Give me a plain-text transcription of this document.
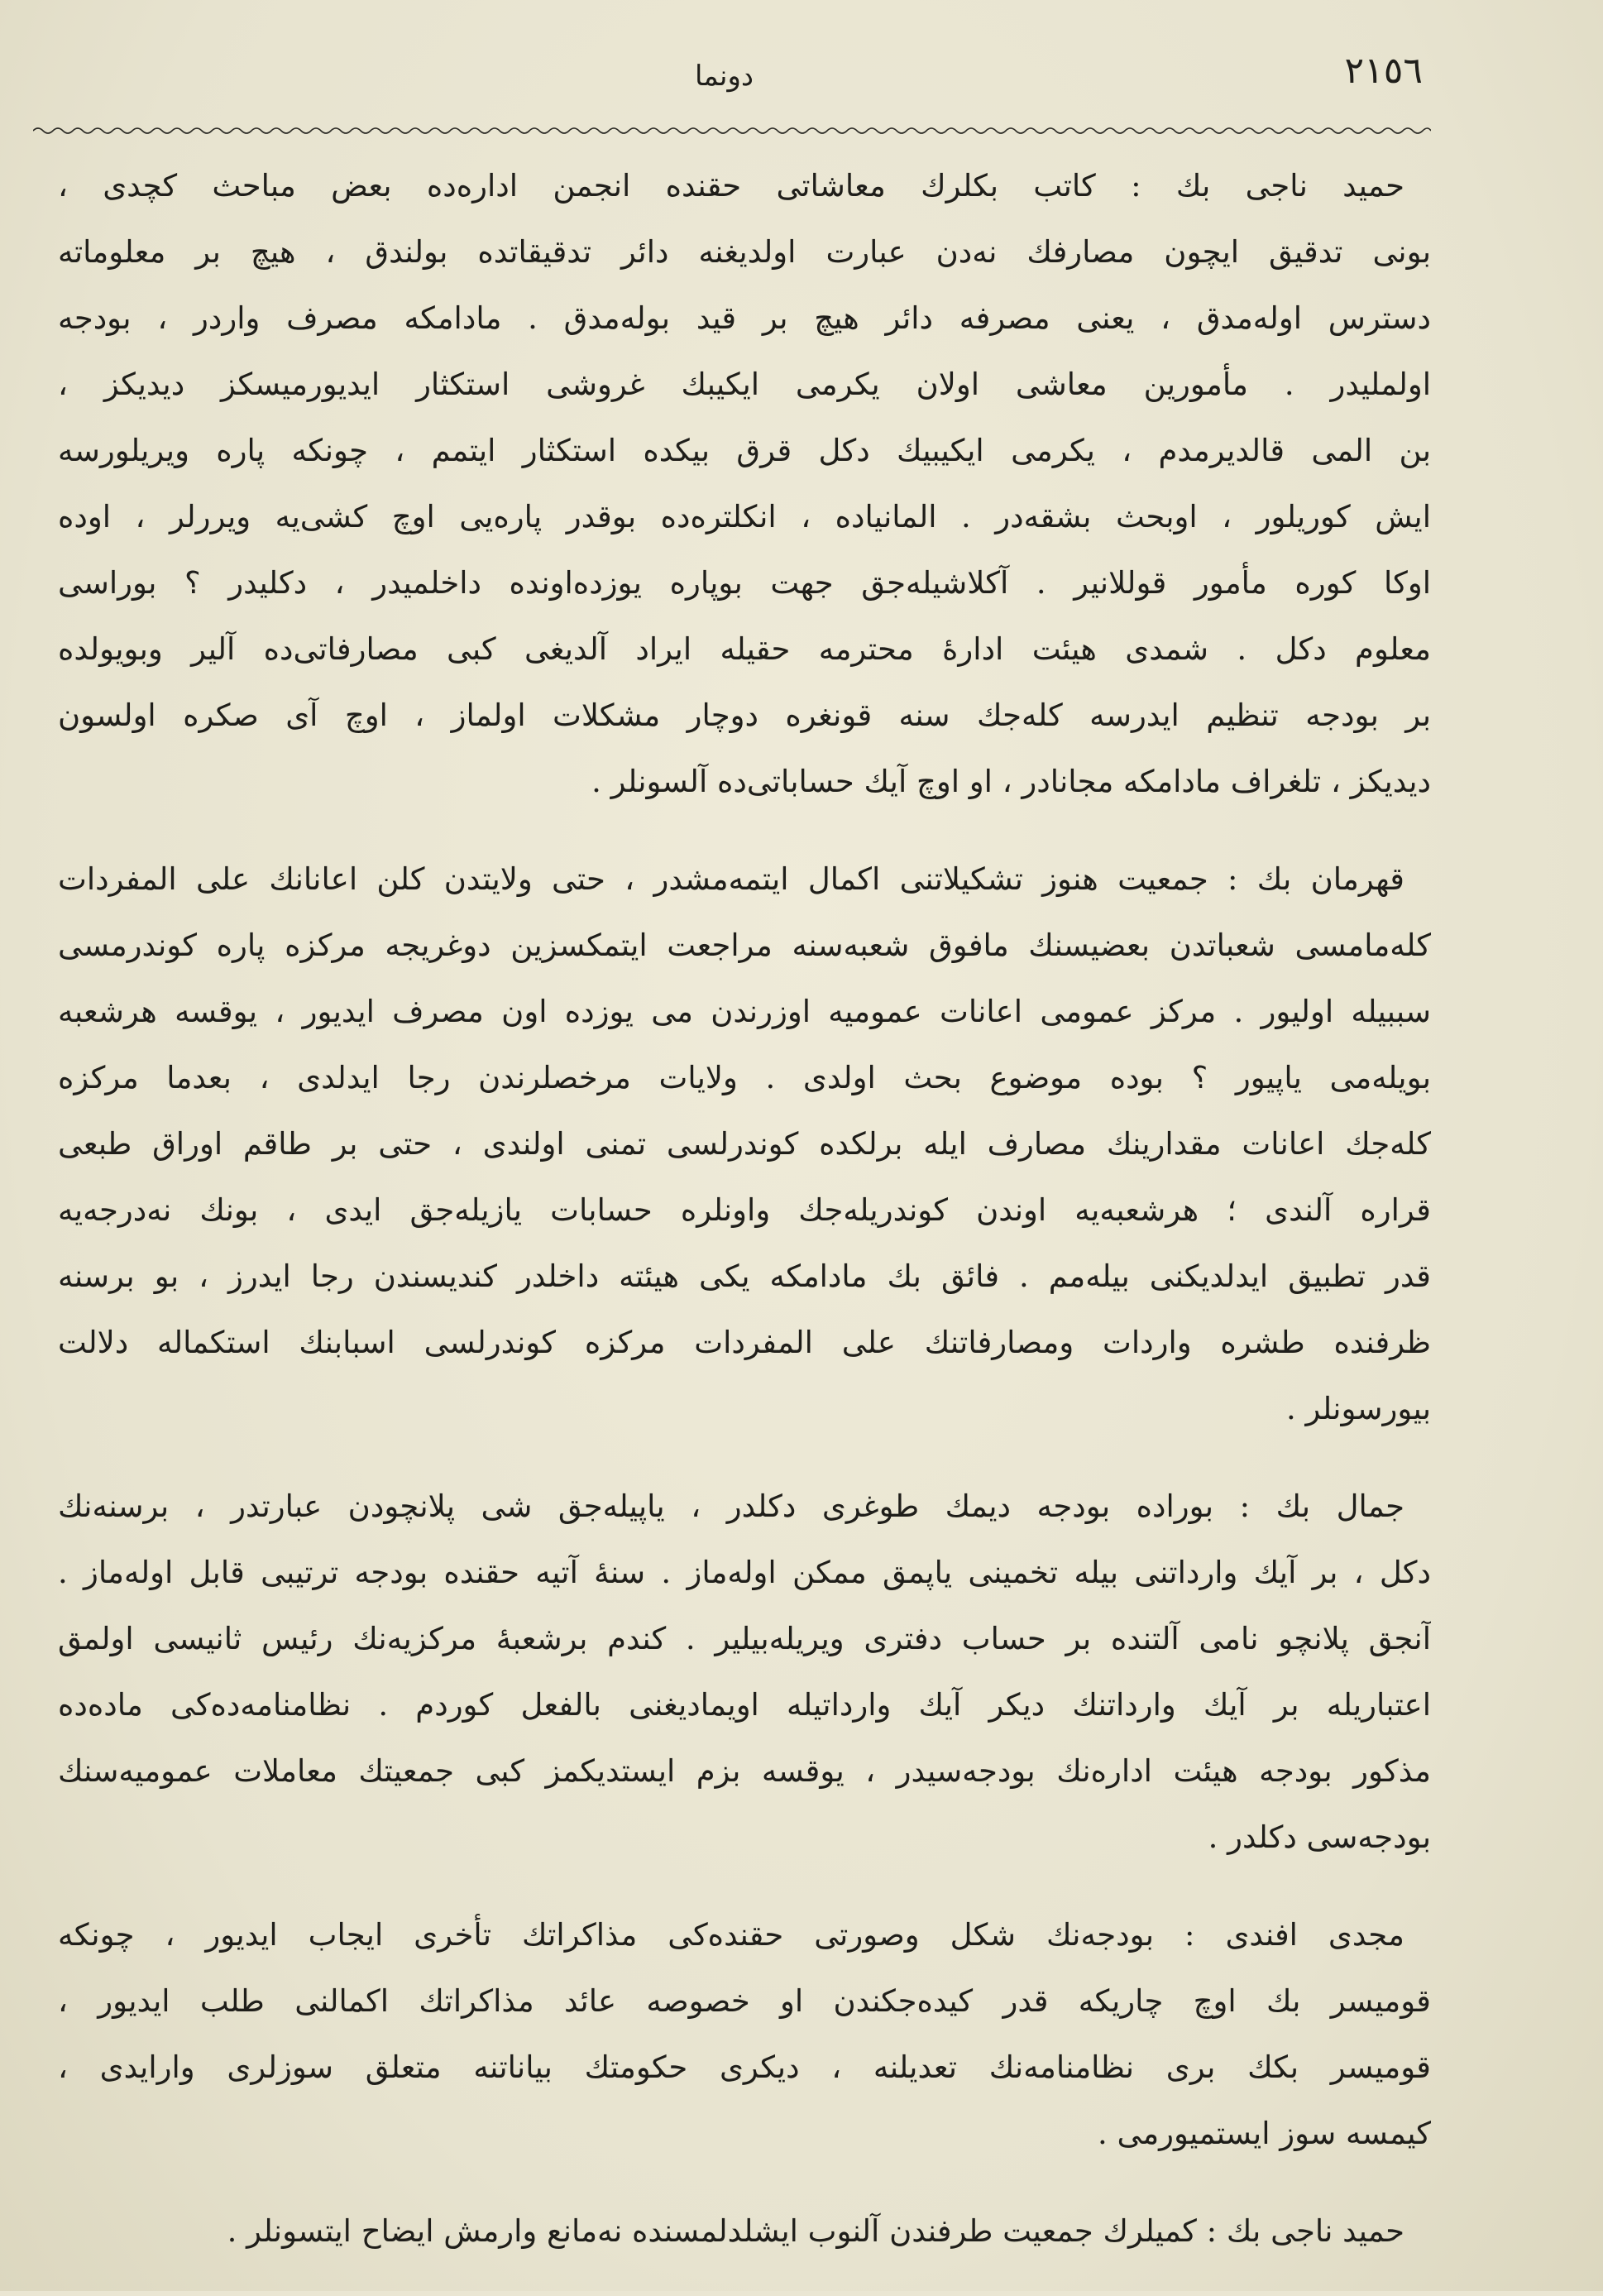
٢١٥٦
دونما
حميد ناجى بك : كاتب بكلرك معاشاتى حقنده انجمن اداره‌ده بعض مباحث كچدى ،
بونى تدقيق ايچون مصارفك نه‌دن عبارت اولديغنه دائر تدقيقاتده بولندق ، هيچ بر معلوماته
دسترس اوله‌مدق ، يعنى مصرفه دائر هيچ بر قيد بوله‌مدق . مادامكه مصرف واردر ، بودجه
اولمليدر . مأمورين معاشى اولان يكرمى ايكيبك غروشى استكثار ايديورميسكز ديديكز ،
بن المى قالديرمدم ، يكرمى ايكيبيك دكل قرق بيكده استكثار ايتمم ، چونكه پاره ويريلورسه
ايش كوريلور ، اوبحث بشقه‌در . المانياده ، انكلتره‌ده بوقدر پاره‌يى اوچ كشى‌يه ويررلر ، اوده
اوكا كوره مأمور قوللانير . آكلاشيله‌جق جهت بوپاره يوزده‌اونده داخلميدر ، دكليدر ؟ بوراسى
معلوم دكل . شمدى هيئت ادارهٔ محترمه حقيله ايراد آلديغى كبى مصارفاتى‌ده آلير وبويولده
بر بودجه تنظيم ايدرسه كله‌جك سنه قونغره دوچار مشكلات اولماز ، اوچ آى صكره اولسون
ديديكز ، تلغراف مادامكه مجانادر ، او اوچ آيك حساباتى‌ده آلسونلر .
قهرمان بك : جمعيت هنوز تشكيلاتنى اكمال ايتمه‌مشدر ، حتى ولايتدن كلن اعانانك على المفردات
كله‌مامسى شعباتدن بعضيسنك مافوق شعبه‌سنه مراجعت ايتمكسزين دوغريجه مركزه پاره كوندرمسى
سببيله اوليور . مركز عمومى اعانات عموميه اوزرندن مى يوزده اون مصرف ايديور ، يوقسه هرشعبه
بويله‌مى ياپيور ؟ بوده موضوع بحث اولدى . ولايات مرخصلرندن رجا ايدلدى ، بعدما مركزه
كله‌جك اعانات مقدارينك مصارف ايله برلكده كوندرلسى تمنى اولندى ، حتى بر طاقم اوراق طبعى
قراره آلندى ؛ هرشعبه‌يه اوندن كوندريله‌جك واونلره حسابات يازيله‌جق ايدى ، بونك نه‌درجه‌يه
قدر تطبيق ايدلديكنى بيله‌مم . فائق بك مادامكه يكى هيئته داخلدر كنديسندن رجا ايدرز ، بو برسنه
ظرفنده طشره واردات ومصارفاتنك على المفردات مركزه كوندرلسى اسبابنك استكماله دلالت
بيورسونلر .
جمال بك : بوراده بودجه ديمك طوغرى دكلدر ، ياپيله‌جق شى پلانچودن عبارتدر ، برسنه‌نك
دكل ، بر آيك وارداتنى بيله تخمينى ياپمق ممكن اوله‌ماز . سنهٔ آتيه حقنده بودجه ترتيبى قابل اوله‌ماز .
آنجق پلانچو نامى آلتنده بر حساب دفترى ويريله‌بيلير . كندم برشعبهٔ مركزيه‌نك رئيس ثانيسى اولمق
اعتباريله بر آيك وارداتنك ديكر آيك وارداتيله اويماديغنى بالفعل كوردم . نظامنامه‌ده‌كى ماده‌ده
مذكور بودجه هيئت اداره‌نك بودجه‌سيدر ، يوقسه بزم ايستديكمز كبى جمعيتك معاملات عموميه‌سنك
بودجه‌سى دكلدر .
مجدى افندى : بودجه‌نك شكل وصورتى حقنده‌كى مذاكراتك تأخرى ايجاب ايديور ، چونكه
قوميسر بك اوچ چاريكه قدر كيده‌جكندن او خصوصه عائد مذاكراتك اكمالنى طلب ايديور ،
قوميسر بكك برى نظامنامه‌نك تعديلنه ، ديكرى حكومتك بياناتنه متعلق سوزلرى وارايدى ،
كيمسه سوز ايستميورمى .
حميد ناجى بك : كميلرك جمعيت طرفندن آلنوب ايشلدلمسنده نه‌مانع وارمش ايضاح ايتسونلر .
